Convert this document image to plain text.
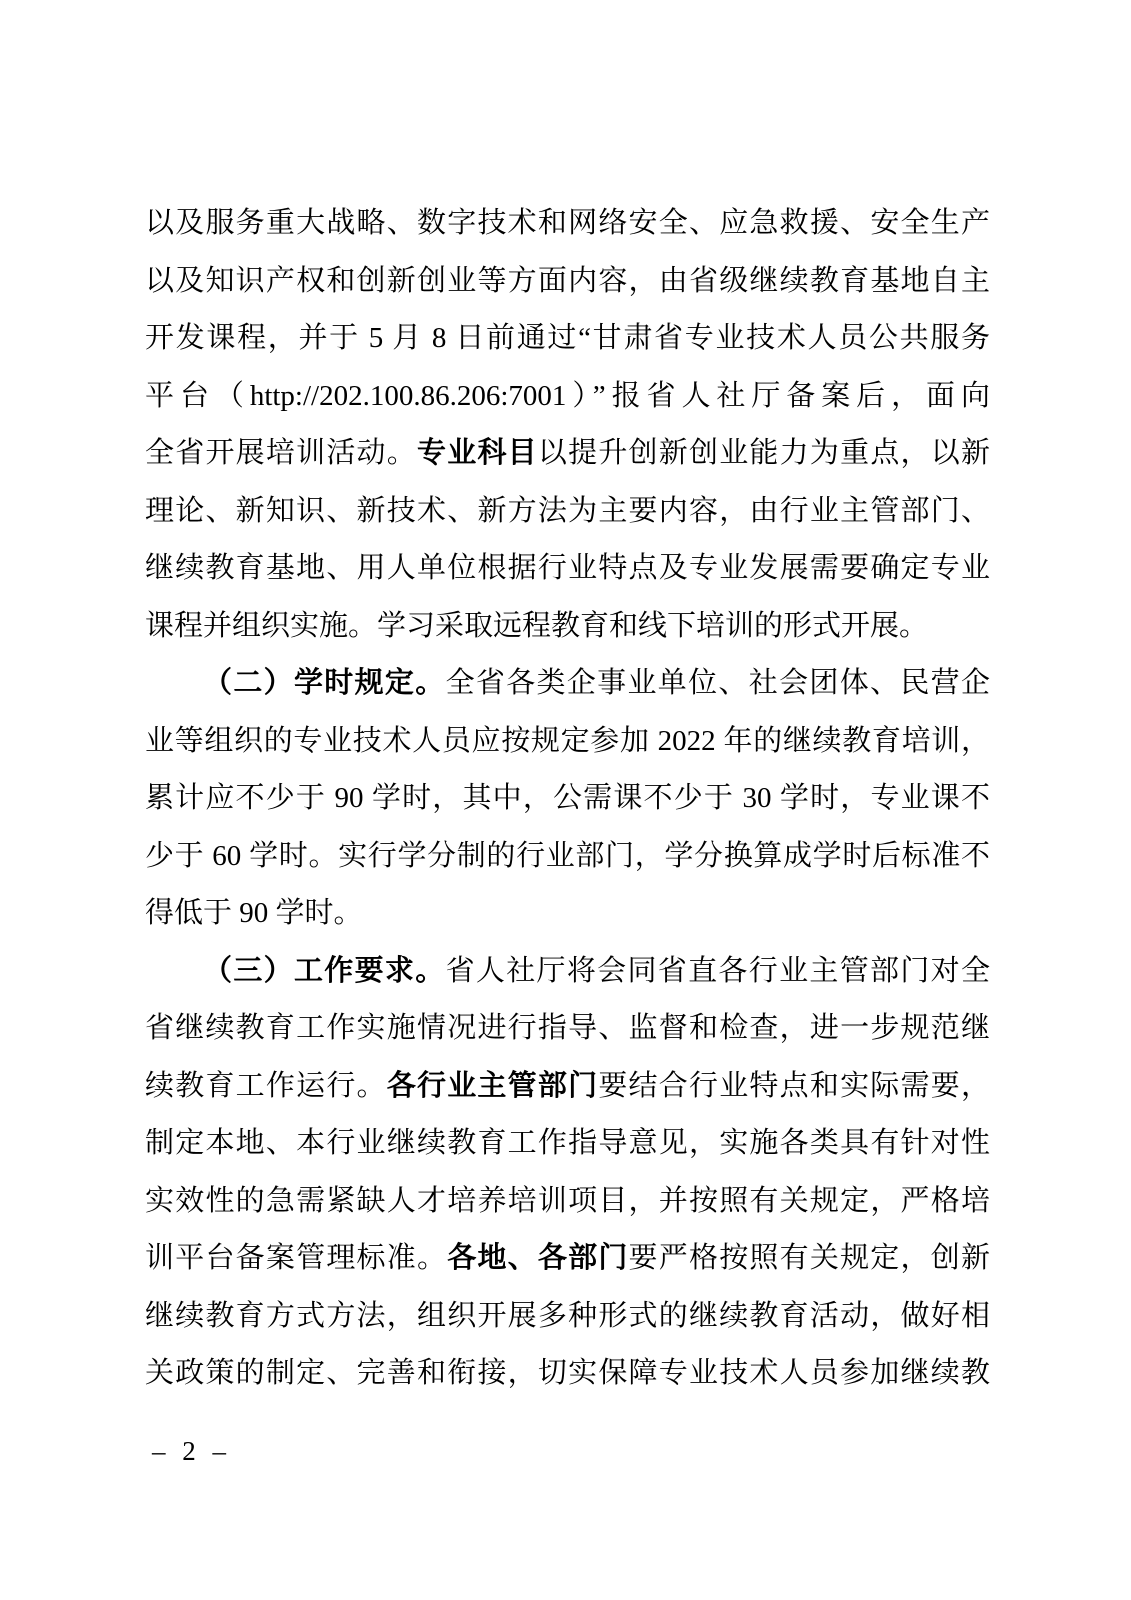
以及服务重大战略、数字技术和网络安全、应急救援、安全生产
以及知识产权和创新创业等方面内容，由省级继续教育基地自主
开发课程，并于 5 月 8 日前通过“甘肃省专业技术人员公共服务
平台（http://202.100.86.206:7001）”报省人社厅备案后，面向
全省开展培训活动。专业科目以提升创新创业能力为重点，以新
理论、新知识、新技术、新方法为主要内容，由行业主管部门、
继续教育基地、用人单位根据行业特点及专业发展需要确定专业
课程并组织实施。学习采取远程教育和线下培训的形式开展。
（二）学时规定。全省各类企事业单位、社会团体、民营企
业等组织的专业技术人员应按规定参加 2022 年的继续教育培训，
累计应不少于 90 学时，其中，公需课不少于 30 学时，专业课不
少于 60 学时。实行学分制的行业部门，学分换算成学时后标准不
得低于 90 学时。
（三）工作要求。省人社厅将会同省直各行业主管部门对全
省继续教育工作实施情况进行指导、监督和检查，进一步规范继
续教育工作运行。各行业主管部门要结合行业特点和实际需要，
制定本地、本行业继续教育工作指导意见，实施各类具有针对性
实效性的急需紧缺人才培养培训项目，并按照有关规定，严格培
训平台备案管理标准。各地、各部门要严格按照有关规定，创新
继续教育方式方法，组织开展多种形式的继续教育活动，做好相
关政策的制定、完善和衔接，切实保障专业技术人员参加继续教
– 2 –
